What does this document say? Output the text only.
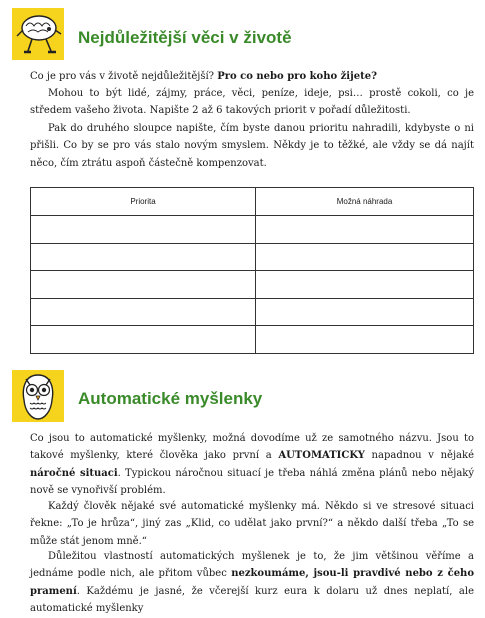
Nejdůležitější věci v životě

Co je pro vás v životě nejdůležitější? Pro co nebo pro koho žijete?

Mohou to být lidé, zájmy, práce, věci, peníze, ideje, psi… prostě cokoli, co je středem vašeho života. Napište 2 až 6 takových priorit v pořadí důležitosti.

Pak do druhého sloupce napište, čím byste danou prioritu nahradili, kdybyste o ni přišli. Co by se pro vás stalo novým smyslem. Někdy je to těžké, ale vždy se dá najít něco, čím ztrátu aspoň částečně kompenzovat.

Priorita	Možná náhrada

Automatické myšlenky

Co jsou to automatické myšlenky, možná dovodíme už ze samotného názvu. Jsou to takové myšlenky, které člověka jako první a AUTOMATICKY napadnou v nějaké náročné situaci. Typickou náročnou situací je třeba náhlá změna plánů nebo nějaký nově se vynořivší problém.

Každý člověk nějaké své automatické myšlenky má. Někdo si ve stresové situaci řekne: „To je hrůza“, jiný zas „Klid, co udělat jako první?“ a někdo další třeba „To se může stát jenom mně.“

Důležitou vlastností automatických myšlenek je to, že jim většinou věříme a jednáme podle nich, ale přitom vůbec nezkoumáme, jsou-li pravdivé nebo z čeho pramení. Každému je jasné, že včerejší kurz eura k dolaru už dnes neplatí, ale automatické myšlenky
